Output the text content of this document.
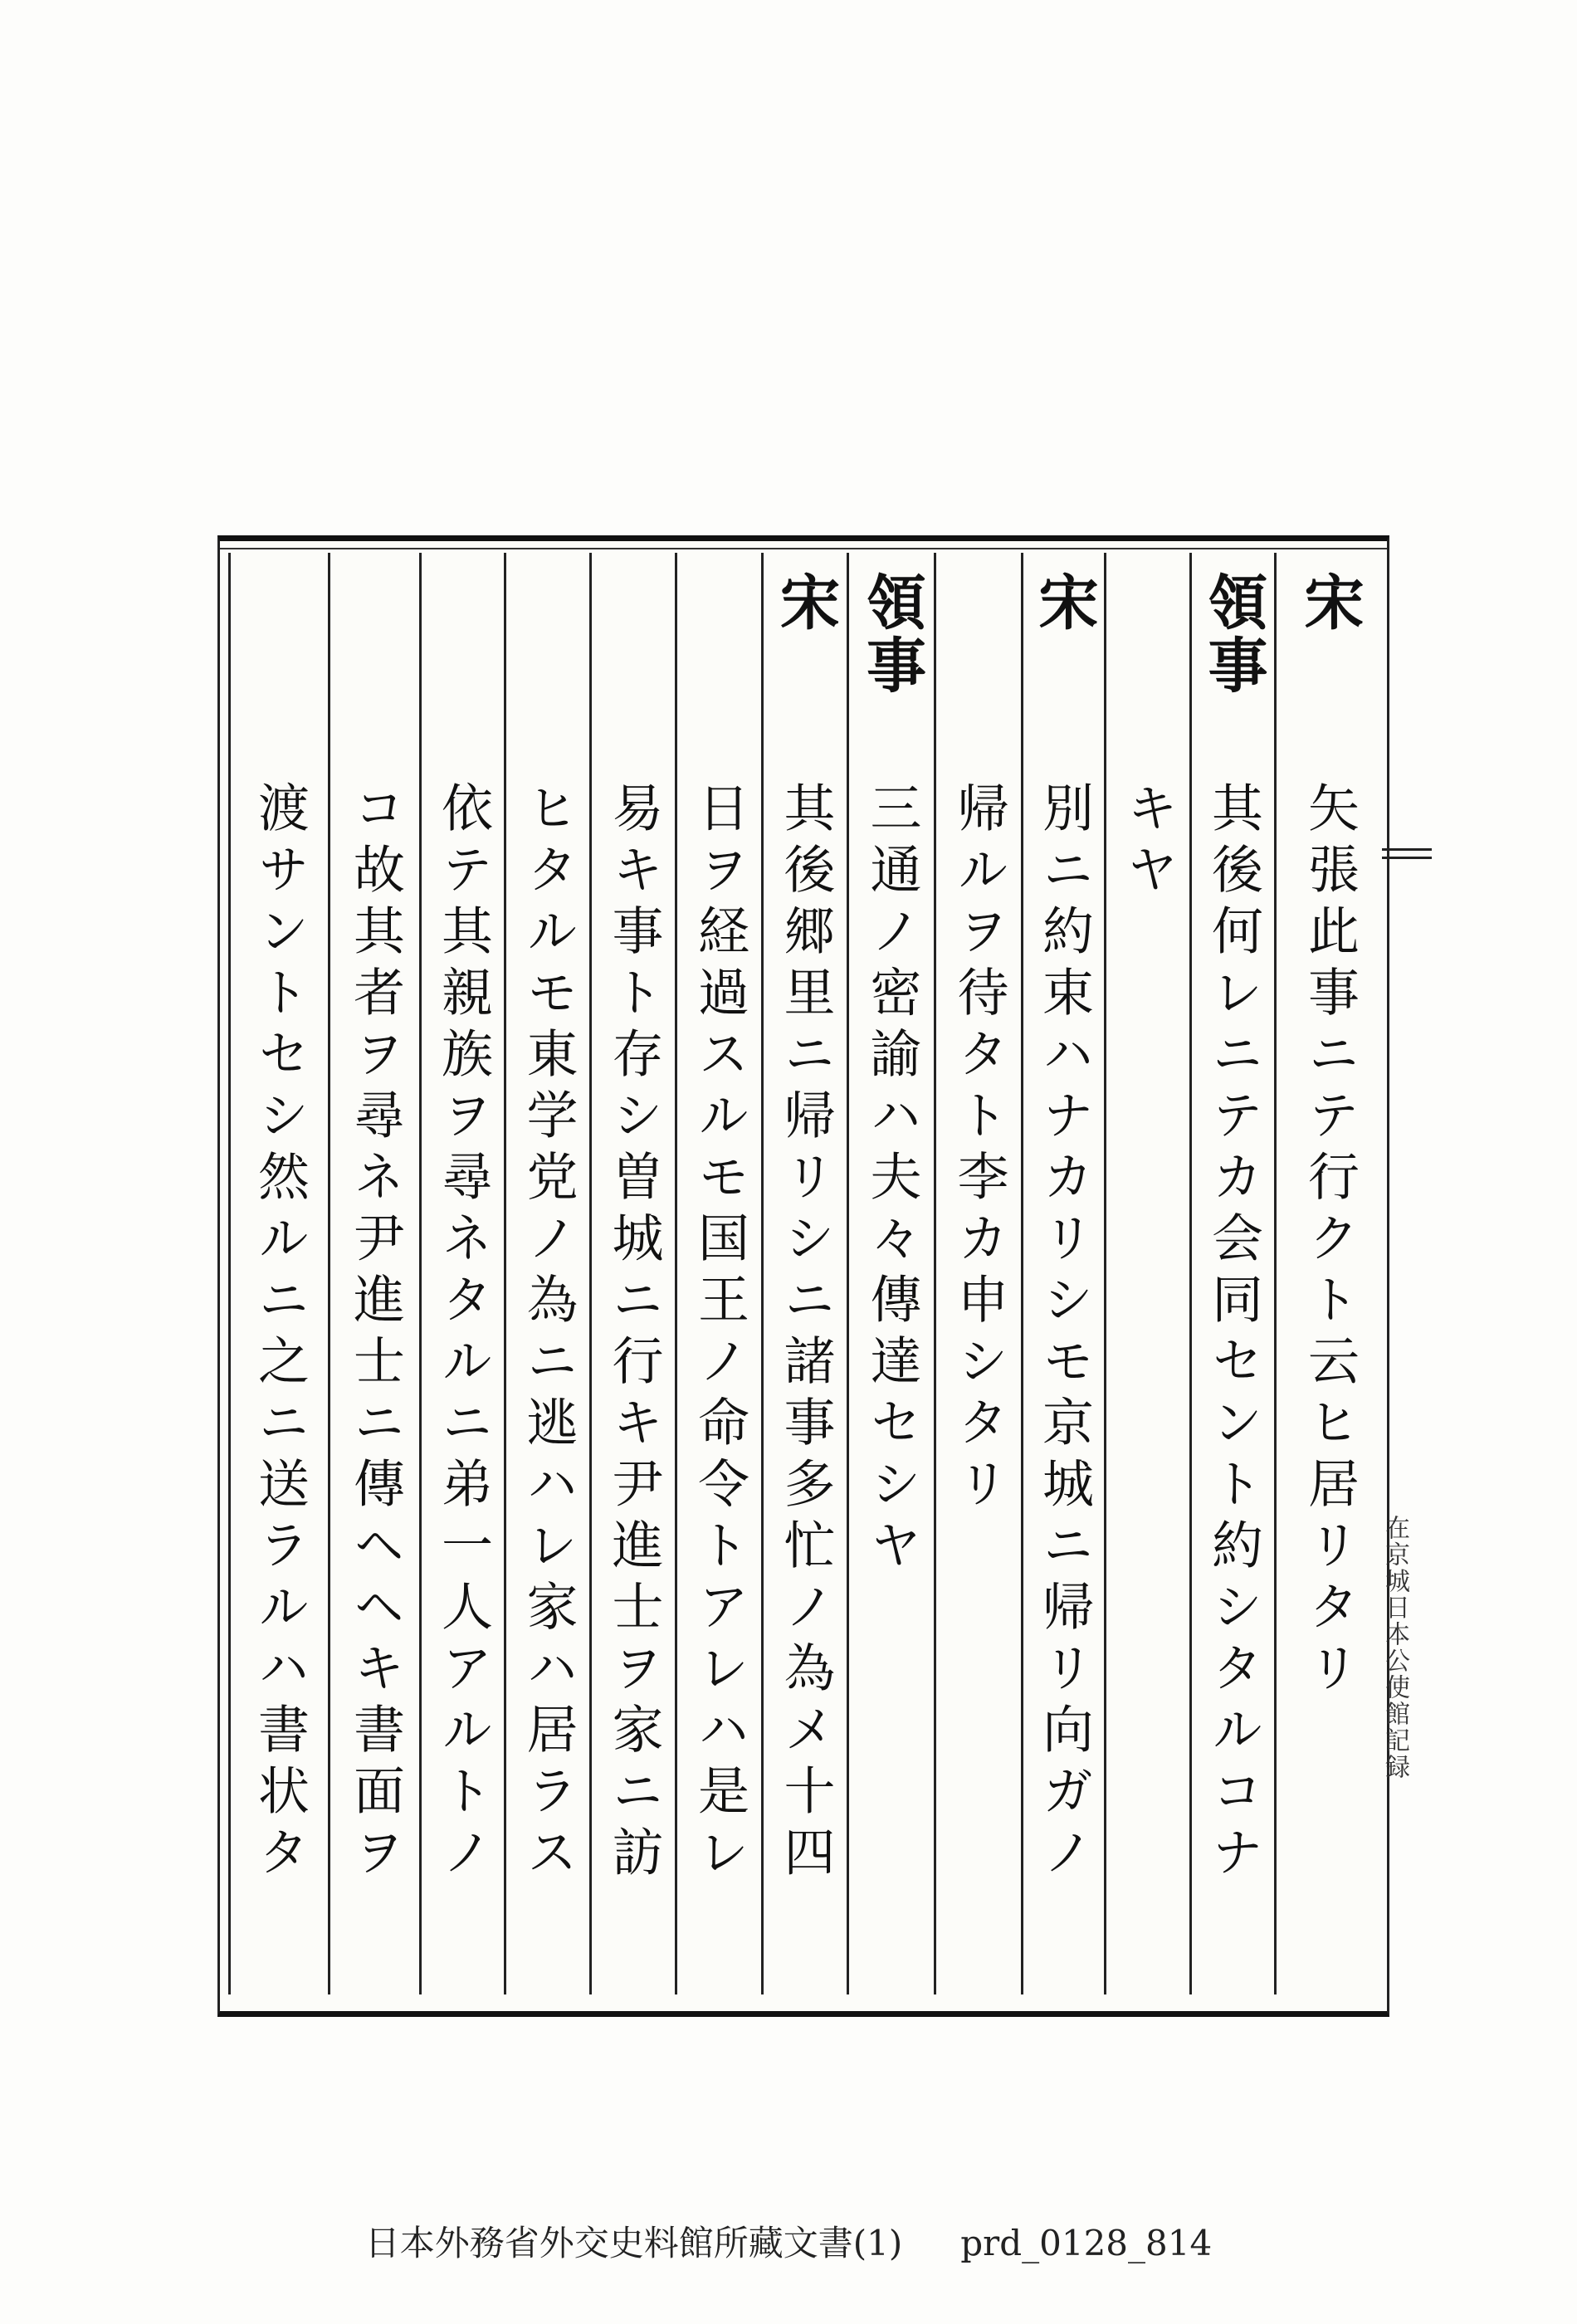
宋
矢張此事ニテ行クト云ヒ居リタリ
領事
其後何レニテカ会同セント約シタルコナ
キヤ
宋
別ニ約束ハナカリシモ京城ニ帰リ向ガノ
帰ルヲ待タト李カ申シタリ
領事
三通ノ密諭ハ夫々傳達セシヤ
宋
其後郷里ニ帰リシニ諸事多忙ノ為メ十四
日ヲ経過スルモ国王ノ命令トアレハ是レ
易キ事ト存シ曽城ニ行キ尹進士ヲ家ニ訪
ヒタルモ東学党ノ為ニ逃ハレ家ハ居ラス
依テ其親族ヲ尋ネタルニ弟一人アルトノ
コ故其者ヲ尋ネ尹進士ニ傳ヘヘキ書面ヲ
渡サントセシ然ルニ之ニ送ラルハ書状タ	在京城日本公使館記録
日本外務省外交史料館所藏文書(1) prd_0128_814
